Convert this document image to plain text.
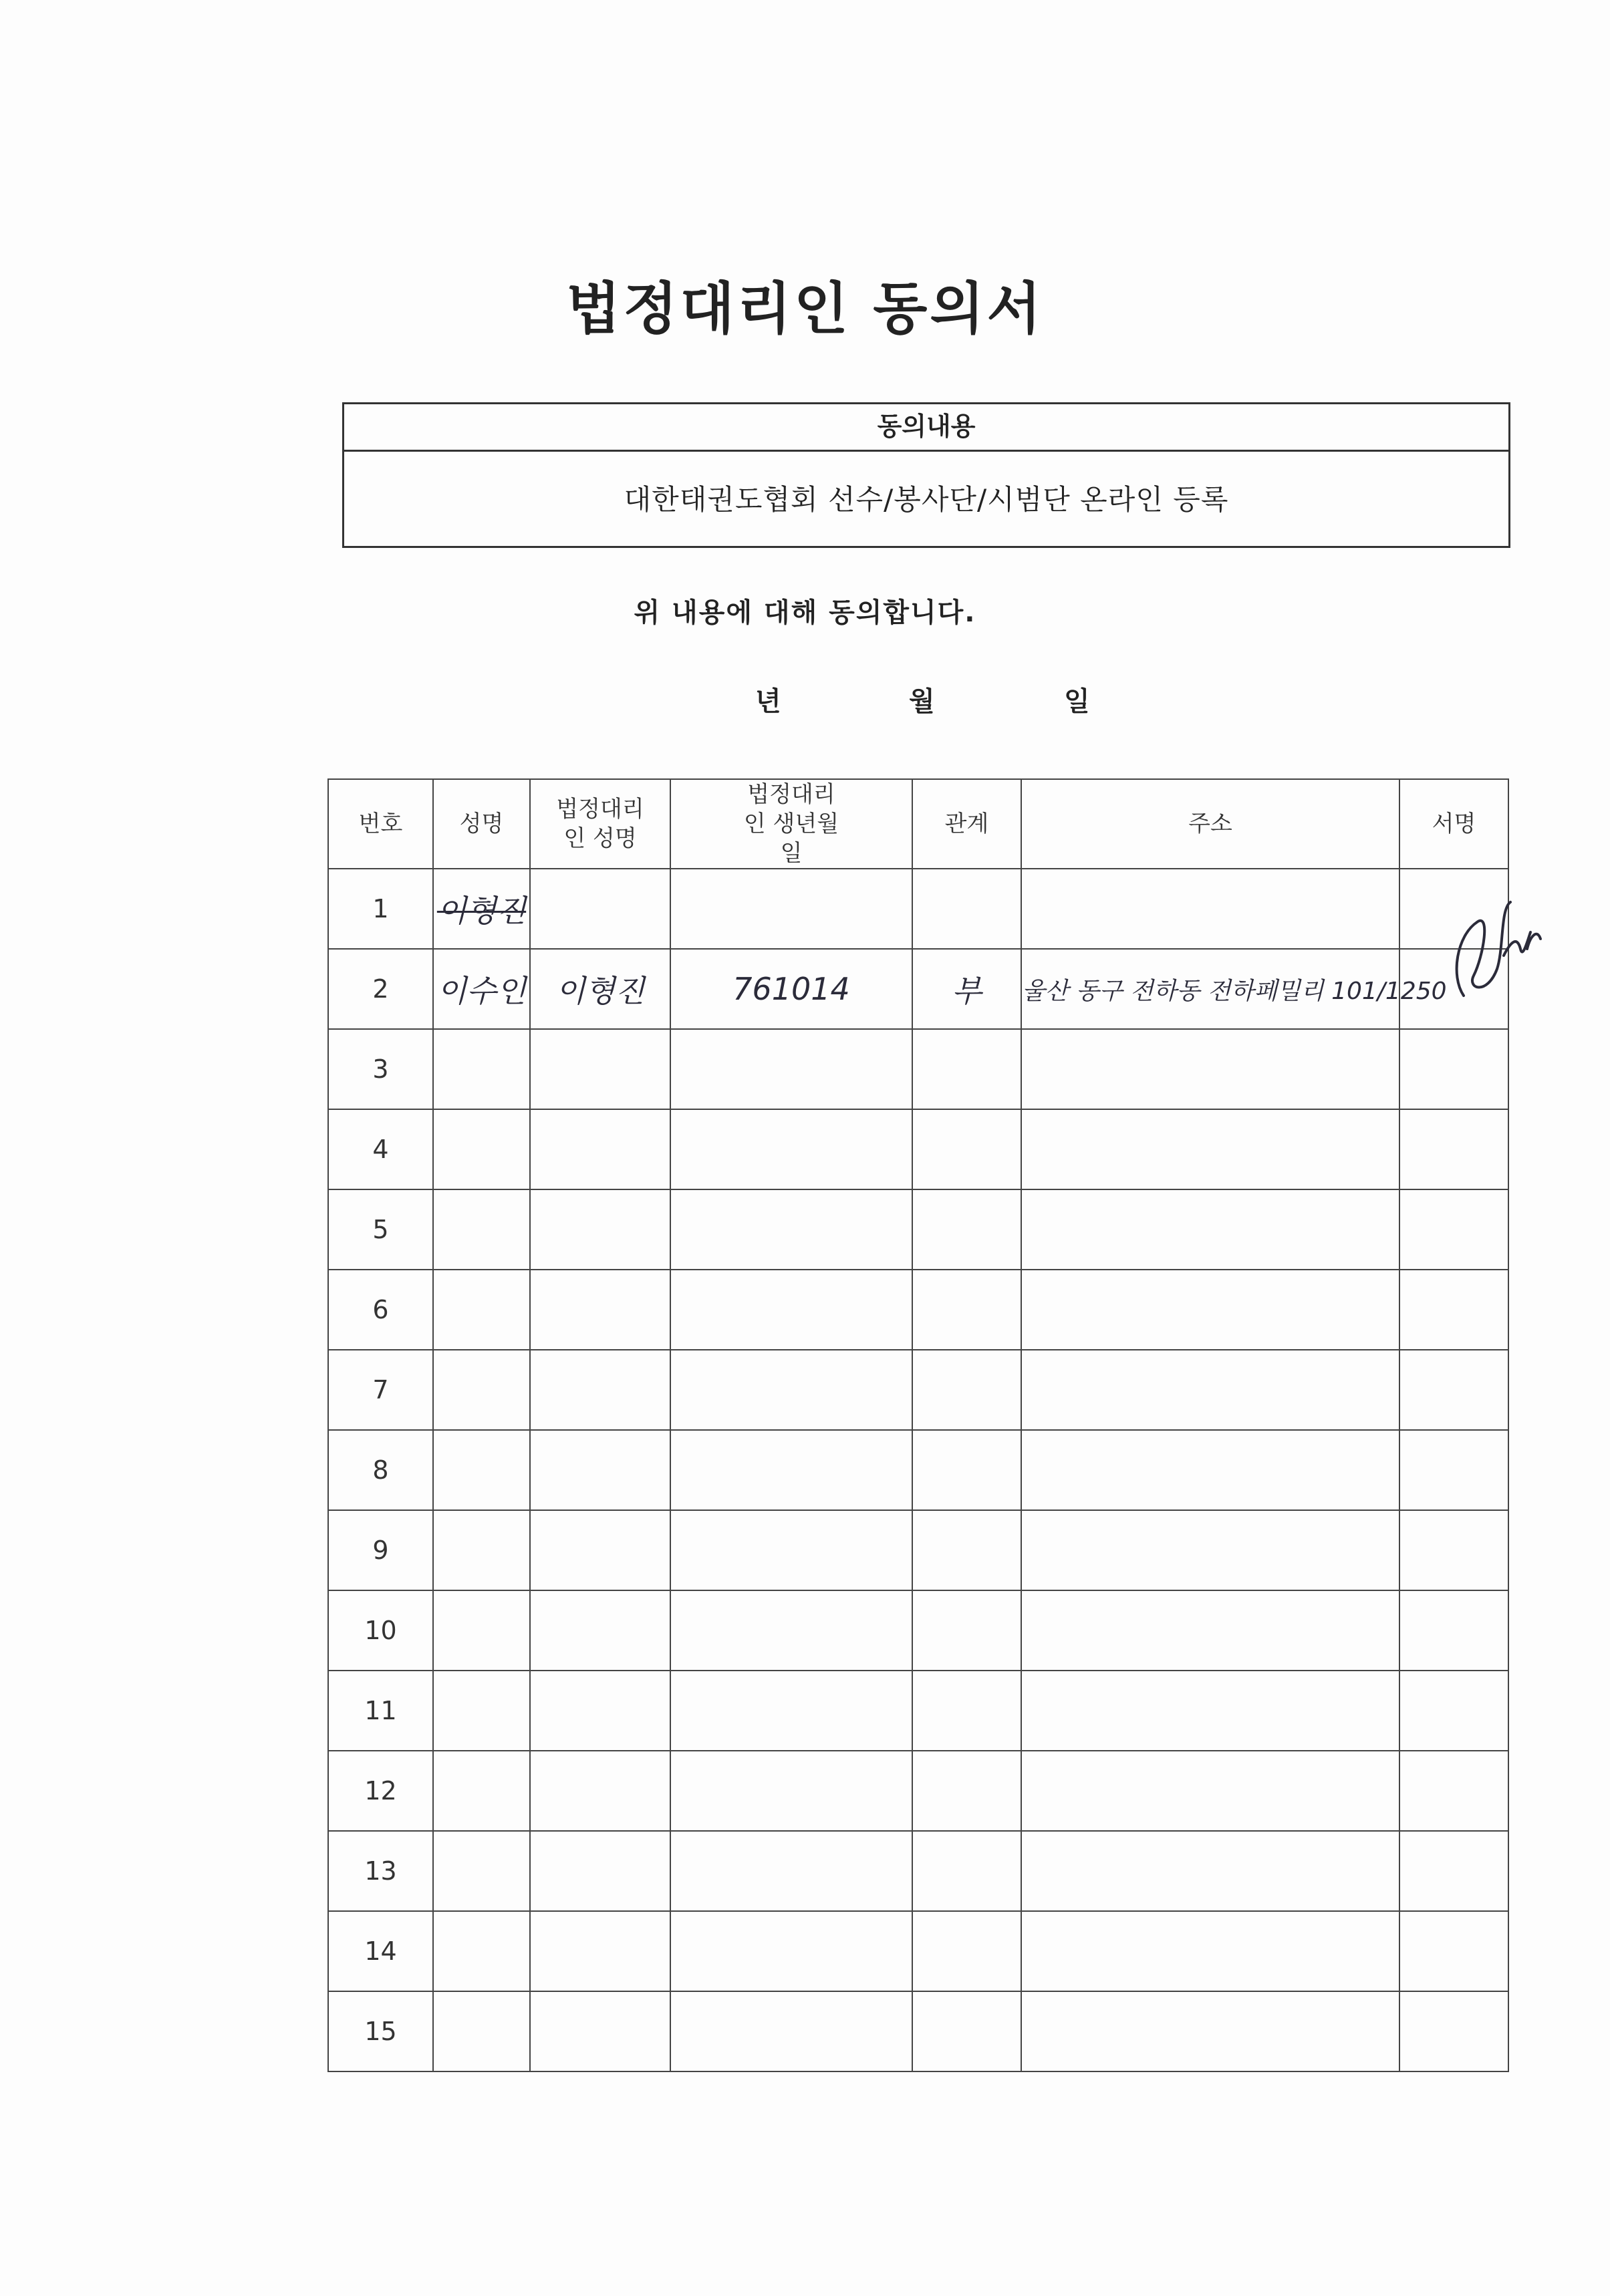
법정대리인 동의서
동의내용
대한태권도협회 선수/봉사단/시범단 온라인 등록
위 내용에 대해 동의합니다.
년	월	일
번호	성명	법정대리인 성명	법정대리인 생년월일	관계	주소	서명
1	이형진					
2	이수인	이형진	761014	부	울산 동구 전하동 전하페밀리 101/1250	
3						
4						
5						
6						
7						
8						
9						
10						
11						
12						
13						
14						
15						
